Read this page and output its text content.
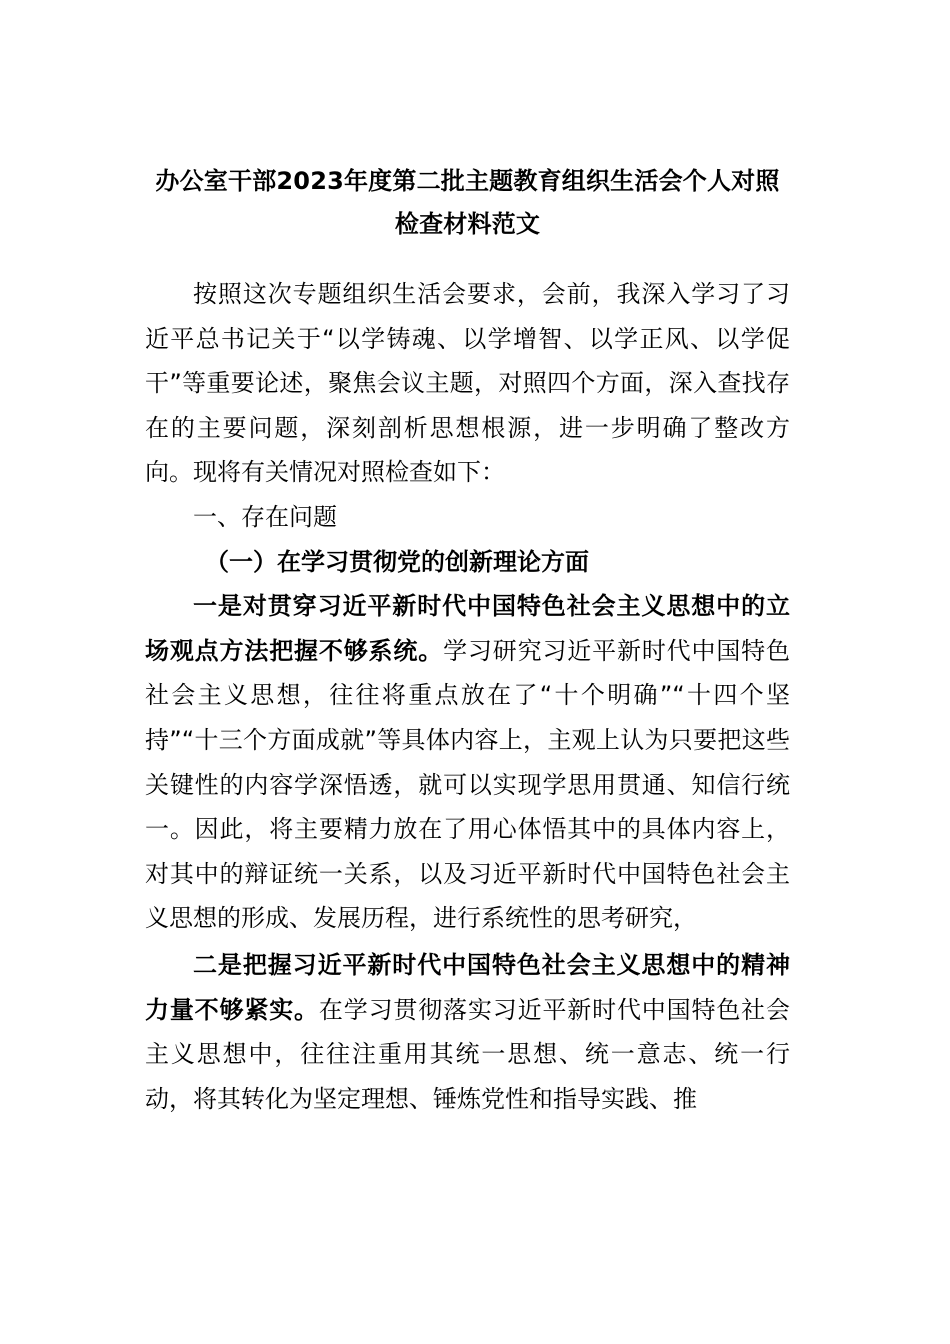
办公室干部2023年度第二批主题教育组织生活会个人对照检查材料范文

按照这次专题组织生活会要求，会前，我深入学习了习近平总书记关于“以学铸魂、以学增智、以学正风、以学促干”等重要论述，聚焦会议主题，对照四个方面，深入查找存在的主要问题，深刻剖析思想根源，进一步明确了整改方向。现将有关情况对照检查如下：

一、存在问题

（一）在学习贯彻党的创新理论方面

一是对贯穿习近平新时代中国特色社会主义思想中的立场观点方法把握不够系统。学习研究习近平新时代中国特色社会主义思想，往往将重点放在了“十个明确”“十四个坚持”“十三个方面成就”等具体内容上，主观上认为只要把这些关键性的内容学深悟透，就可以实现学思用贯通、知信行统一。因此，将主要精力放在了用心体悟其中的具体内容上，对其中的辩证统一关系，以及习近平新时代中国特色社会主义思想的形成、发展历程，进行系统性的思考研究，

二是把握习近平新时代中国特色社会主义思想中的精神力量不够紧实。在学习贯彻落实习近平新时代中国特色社会主义思想中，往往注重用其统一思想、统一意志、统一行动，将其转化为坚定理想、锤炼党性和指导实践、推
